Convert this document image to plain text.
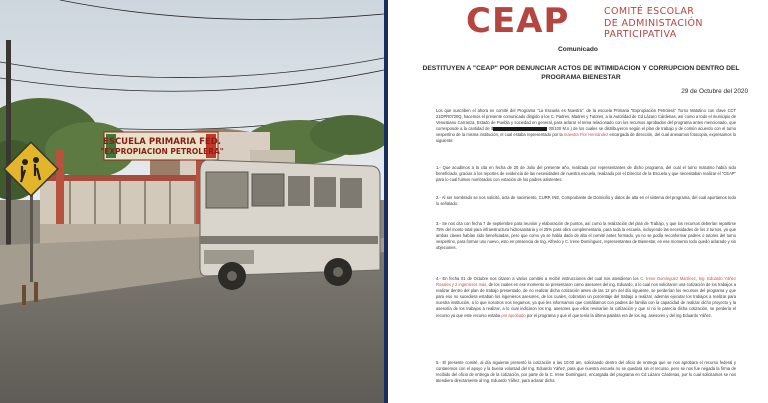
ESCUELA PRIMARIA FED.
"EXPROPIACION PETROLERA"
CEAP	COMITÉ ESCOLAR
DE ADMINISTACIÓN
PARTICIPATIVA
Comunicado
DESTITUYEN A "CEAP" POR DENUNCIAR ACTOS DE INTIMIDACION Y CORRUPCION DENTRO DEL PROGRAMA BIENESTAR
29 de Octubre del 2020
Los que suscriben el ahora ex comité del Programa "La Escuela es Nuestra", de la escuela Primaria "Expropiación Petrolera" Turno Matutino con clave CCT 21DPR0720Q, hacemos el presente comunicado dirigido a los C. Padres, Madres y Tutores, a la Autoridad de Cd Lázaro Cárdenas, así como a todo el municipio de Venustiano Carranza, Estado de Puebla y sociedad en general, para aclarar el tema relacionado con los recursos aprobados del programa antes mencionado, que corresponde a la cantidad de $	00/100 M.n.) de los cuales se distribuyeron según el plan de trabajo y de común acuerdo con el turno vespertino de la misma institución, el cual estaba representado por la maestra Flor Hernández encargada de dirección, del cual anexamos fotocopia, expresamos lo siguiente:
1.- Que acudimos a la cita en fecha de 20 de Julio del presente año, realizada por representantes de dicho programa, del cual el turno matutino había sido beneficiado, gracias a los reportes de evidencia de las necesidades de nuestra escuela, realizado por el Director de la Escuela y que necesitaban realizar el "CEAP" para lo cual fuimos nombrados con votación de los padres asistentes.
2.- Al ser nombrado se nos solicitó, acta de nacimiento, CURP, INE, Comprobante de Domicilio y datos de alta en el sistema del programa, del cual aportamos todo lo señalado.
3.- Se nos cita con fecha 7 de septiembre para reunión y elaboración de puntos, así como la realización del plan de Trabajo, y que los recursos deberían repartirse 75% del monto total para infraestructura hidrosanitaria y el 25% para obra complementaria, para toda la escuela, incluyendo las necesidades de los 2 turnos, ya que ambas claves habían sido beneficiadas, pero que como ya se había dado de alta el comité antes formado, ya no se podía reconformar padres o tutores del turno vespertino, para formar uno nuevo, esto en presencia de Ing. Alfredo y C. Irene Domínguez, representantes de Bienestar, en ese momento todo quedó aclarado y sin objeciones.
4.- En fecha 01 de Octubre nos citaron a varios comités a recibir instrucciones del cual nos atendieron los C. Irene Domínguez Martínez, Ing. Eduardo Yáñez Rosales y 2 ingenieros más, de los cuales en ese momento se presentaron como asesores del ing. Eduardo, a lo cual nos solicitaron una cotización de los trabajos a realizar dentro del plan de trabajo presentado, de no realizar dicha cotización antes de las 12 pm del día siguiente, se perderían los recursos del programa y que para eso no sucediera estaban los ingenieros asesores, de los cuales, cobrarían un porcentaje del trabajo a realizar, además ejecutar los trabajos a realizar para nuestra institución, a lo que nosotros nos negamos, ya que les informamos que contábamos con padres de familia con la capacidad de realizar dicho proyecto y la asesoría de los trabajos a realizar, a lo cual indicaron los Ing. asesores que ellos revisarían la cotización y que si no le parecía dicha cotización, se perdería el recurso ya que este recurso estaba pre aprobado por el programa y que el que tenía la última palabra era de los ing. asesores y del ing Eduardo Yáñez.
5.- El presente comité, al día siguiente presentó la cotización a las 10:00 am, solicitando dentro del oficio de entrega que se nos aprobara el recurso federal y contaremos con el apoyo y la buena voluntad del Ing. Eduardo Yáñez, para que nuestra escuela no se quedara sin el recurso, pero se nos fue negada la firma de recibido del oficio de entrega de la cotización, por parte de la C. Irene Domínguez, encargada del programa en Cd Lázaro Cárdenas, por lo cual solicitamos se nos atendiera directamente al Ing. Eduardo Yáñez, para aclarar dicha
